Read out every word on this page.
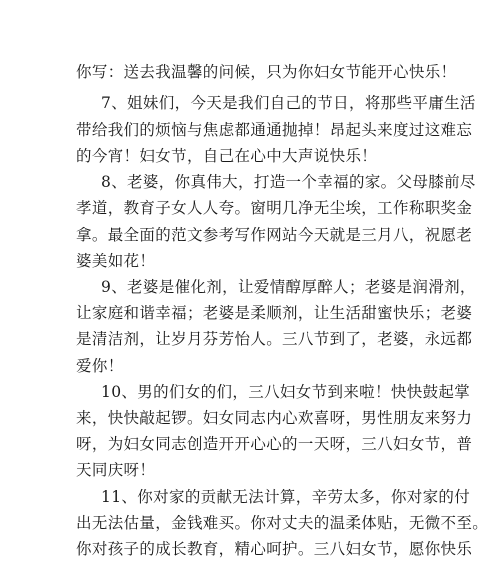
你写：送去我温馨的问候，只为你妇女节能开心快乐！
7、姐妹们，今天是我们自己的节日，将那些平庸生活
带给我们的烦恼与焦虑都通通抛掉！昂起头来度过这难忘
的今宵！妇女节，自己在心中大声说快乐！
8、老婆，你真伟大，打造一个幸福的家。父母膝前尽
孝道，教育子女人人夸。窗明几净无尘埃，工作称职奖金
拿。最全面的范文参考写作网站今天就是三月八，祝愿老
婆美如花！
9、老婆是催化剂，让爱情醇厚醉人；老婆是润滑剂，
让家庭和谐幸福；老婆是柔顺剂，让生活甜蜜快乐；老婆
是清洁剂，让岁月芬芳怡人。三八节到了，老婆，永远都
爱你！
10、男的们女的们，三八妇女节到来啦！快快鼓起掌
来，快快敲起锣。妇女同志内心欢喜呀，男性朋友来努力
呀，为妇女同志创造开开心心的一天呀，三八妇女节，普
天同庆呀！
11、你对家的贡献无法计算，辛劳太多，你对家的付
出无法估量，金钱难买。你对丈夫的温柔体贴，无微不至。
你对孩子的成长教育，精心呵护。三八妇女节，愿你快乐
